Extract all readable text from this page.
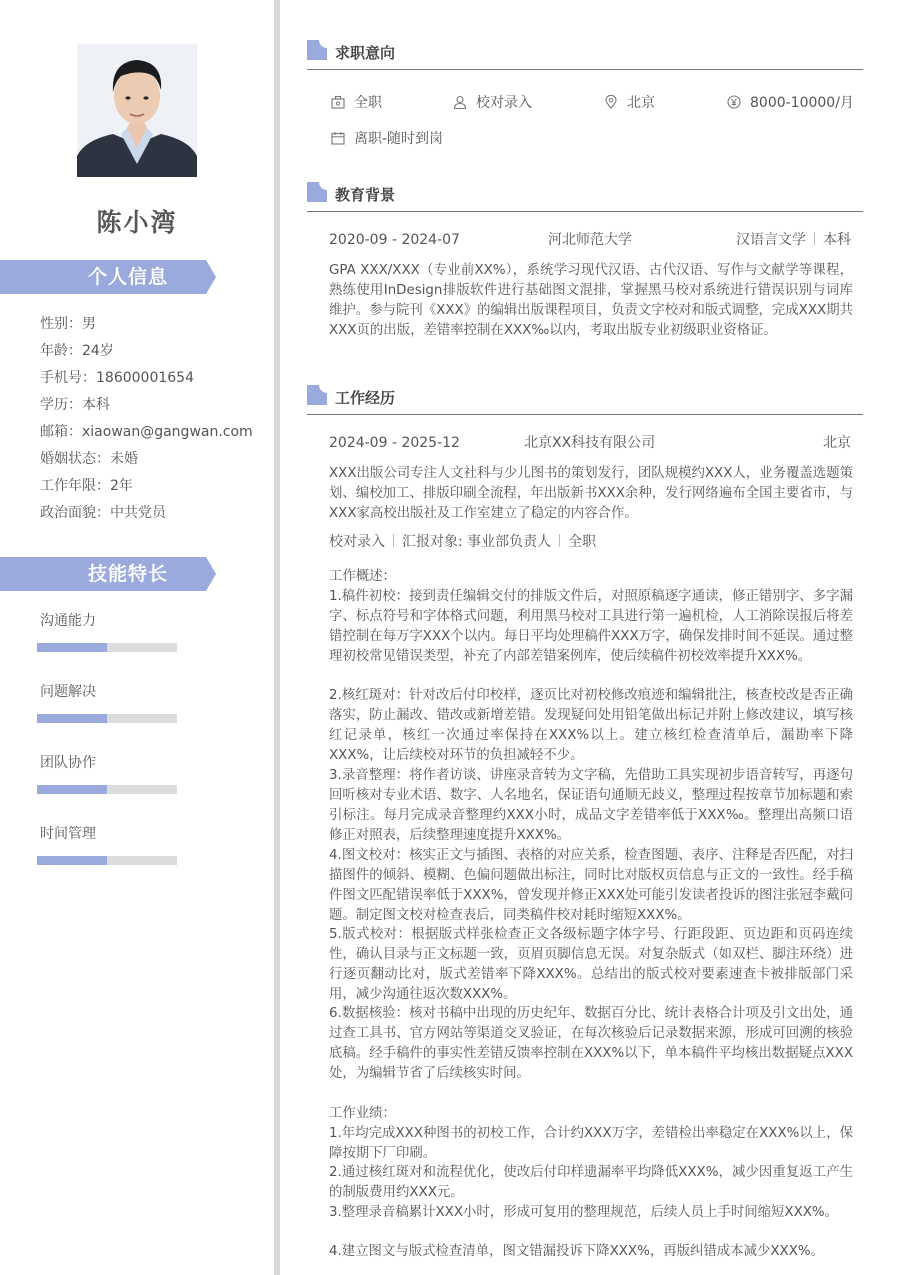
陈小湾
个人信息
性别：男
年龄：24岁
手机号：18600001654
学历：本科
邮箱：xiaowan@gangwan.com
婚姻状态：未婚
工作年限：2年
政治面貌：中共党员
技能特长
沟通能力
问题解决
团队协作
时间管理
求职意向
全职	校对录入	北京	8000-10000/月
离职-随时到岗
教育背景
2020-09 - 2024-07	河北师范大学	汉语言文学 本科
GPA XXX/XXX（专业前XX%），系统学习现代汉语、古代汉语、写作与文献学等课程，熟练使用InDesign排版软件进行基础图文混排，掌握黑马校对系统进行错误识别与词库维护。参与院刊《XXX》的编辑出版课程项目，负责文字校对和版式调整，完成XXX期共XXX页的出版，差错率控制在XXX‰以内，考取出版专业初级职业资格证。
工作经历
2024-09 - 2025-12	北京XX科技有限公司	北京
XXX出版公司专注人文社科与少儿图书的策划发行，团队规模约XXX人，业务覆盖选题策划、编校加工、排版印刷全流程，年出版新书XXX余种，发行网络遍布全国主要省市，与XXX家高校出版社及工作室建立了稳定的内容合作。
校对录入 汇报对象: 事业部负责人 全职
工作概述：
1.稿件初校：接到责任编辑交付的排版文件后，对照原稿逐字通读，修正错别字、多字漏字、标点符号和字体格式问题，利用黑马校对工具进行第一遍机检，人工消除误报后将差错控制在每万字XXX个以内。每日平均处理稿件XXX万字，确保发排时间不延误。通过整理初校常见错误类型，补充了内部差错案例库，使后续稿件初校效率提升XXX%。
2.核红斑对：针对改后付印校样，逐页比对初校修改痕迹和编辑批注，核查校改是否正确落实，防止漏改、错改或新增差错。发现疑问处用铅笔做出标记并附上修改建议，填写核红记录单，核红一次通过率保持在XXX%以上。建立核红检查清单后，漏勘率下降XXX%，让后续校对环节的负担减轻不少。
3.录音整理：将作者访谈、讲座录音转为文字稿，先借助工具实现初步语音转写，再逐句回听核对专业术语、数字、人名地名，保证语句通顺无歧义，整理过程按章节加标题和索引标注。每月完成录音整理约XXX小时，成品文字差错率低于XXX‰。整理出高频口语修正对照表，后续整理速度提升XXX%。
4.图文校对：核实正文与插图、表格的对应关系，检查图题、表序、注释是否匹配，对扫描图件的倾斜、模糊、色偏问题做出标注，同时比对版权页信息与正文的一致性。经手稿件图文匹配错误率低于XXX%，曾发现并修正XXX处可能引发读者投诉的图注张冠李戴问题。制定图文校对检查表后，同类稿件校对耗时缩短XXX%。
5.版式校对：根据版式样张检查正文各级标题字体字号、行距段距、页边距和页码连续性，确认目录与正文标题一致，页眉页脚信息无误。对复杂版式（如双栏、脚注环绕）进行逐页翻动比对，版式差错率下降XXX%。总结出的版式校对要素速查卡被排版部门采用，减少沟通往返次数XXX%。
6.数据核验：核对书稿中出现的历史纪年、数据百分比、统计表格合计项及引文出处，通过查工具书、官方网站等渠道交叉验证，在每次核验后记录数据来源，形成可回溯的核验底稿。经手稿件的事实性差错反馈率控制在XXX%以下，单本稿件平均核出数据疑点XXX处，为编辑节省了后续核实时间。
工作业绩：
1.年均完成XXX种图书的初校工作，合计约XXX万字，差错检出率稳定在XXX%以上，保障按期下厂印刷。
2.通过核红斑对和流程优化，使改后付印样遗漏率平均降低XXX%，减少因重复返工产生的制版费用约XXX元。
3.整理录音稿累计XXX小时，形成可复用的整理规范，后续人员上手时间缩短XXX%。
4.建立图文与版式检查清单，图文错漏投诉下降XXX%，再版纠错成本减少XXX%。
